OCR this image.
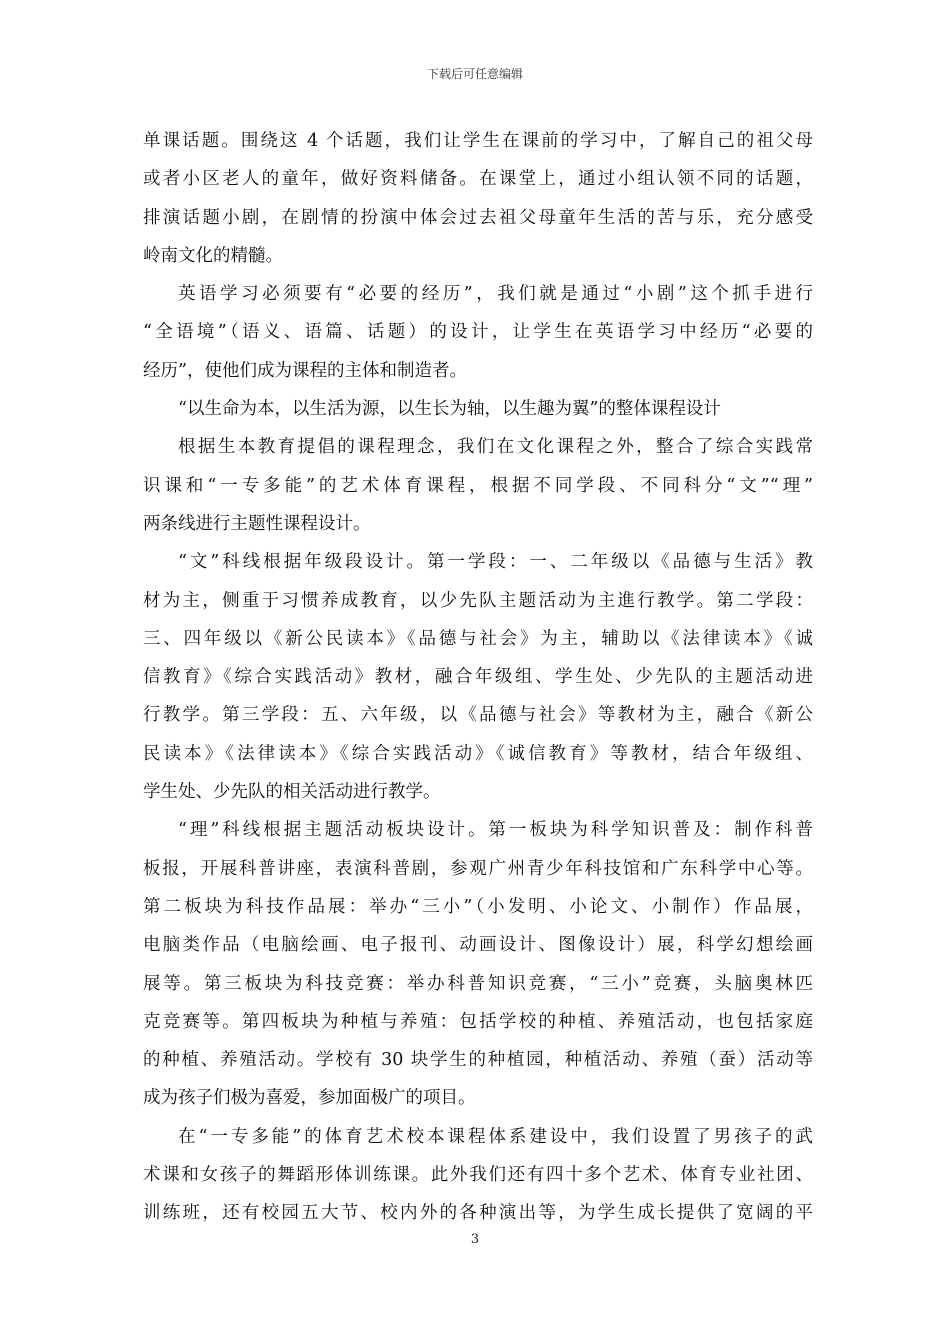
下载后可任意编辑
单课话题。围绕这 4 个话题，我们让学生在课前的学习中，了解自己的祖父母
或者小区老人的童年，做好资料储备。在课堂上，通过小组认领不同的话题，
排演话题小剧，在剧情的扮演中体会过去祖父母童年生活的苦与乐，充分感受
岭南文化的精髓。
英语学习必须要有“必要的经历”，我们就是通过“小剧”这个抓手进行
“全语境”（语义、语篇、话题）的设计，让学生在英语学习中经历“必要的
经历”，使他们成为课程的主体和制造者。
“以生命为本，以生活为源，以生长为轴，以生趣为翼”的整体课程设计
根据生本教育提倡的课程理念，我们在文化课程之外，整合了综合实践常
识课和“一专多能”的艺术体育课程，根据不同学段、不同科分“文”“理”
两条线进行主题性课程设计。
“文”科线根据年级段设计。第一学段：一、二年级以《品德与生活》教
材为主，侧重于习惯养成教育，以少先队主题活动为主進行教学。第二学段：
三、四年级以《新公民读本》《品德与社会》为主，辅助以《法律读本》《诚
信教育》《综合实践活动》教材，融合年级组、学生处、少先队的主题活动进
行教学。第三学段：五、六年级，以《品德与社会》等教材为主，融合《新公
民读本》《法律读本》《综合实践活动》《诚信教育》等教材，结合年级组、
学生处、少先队的相关活动进行教学。
“理”科线根据主题活动板块设计。第一板块为科学知识普及：制作科普
板报，开展科普讲座，表演科普剧，参观广州青少年科技馆和广东科学中心等。
第二板块为科技作品展：举办“三小”（小发明、小论文、小制作）作品展，
电脑类作品（电脑绘画、电子报刊、动画设计、图像设计）展，科学幻想绘画
展等。第三板块为科技竞赛：举办科普知识竞赛，“三小”竞赛，头脑奥林匹
克竞赛等。第四板块为种植与养殖：包括学校的种植、养殖活动，也包括家庭
的种植、养殖活动。学校有 30 块学生的种植园，种植活动、养殖（蚕）活动等
成为孩子们极为喜爱，参加面极广的项目。
在“一专多能”的体育艺术校本课程体系建设中，我们设置了男孩子的武
术课和女孩子的舞蹈形体训练课。此外我们还有四十多个艺术、体育专业社团、
训练班，还有校园五大节、校内外的各种演出等，为学生成长提供了宽阔的平
3
